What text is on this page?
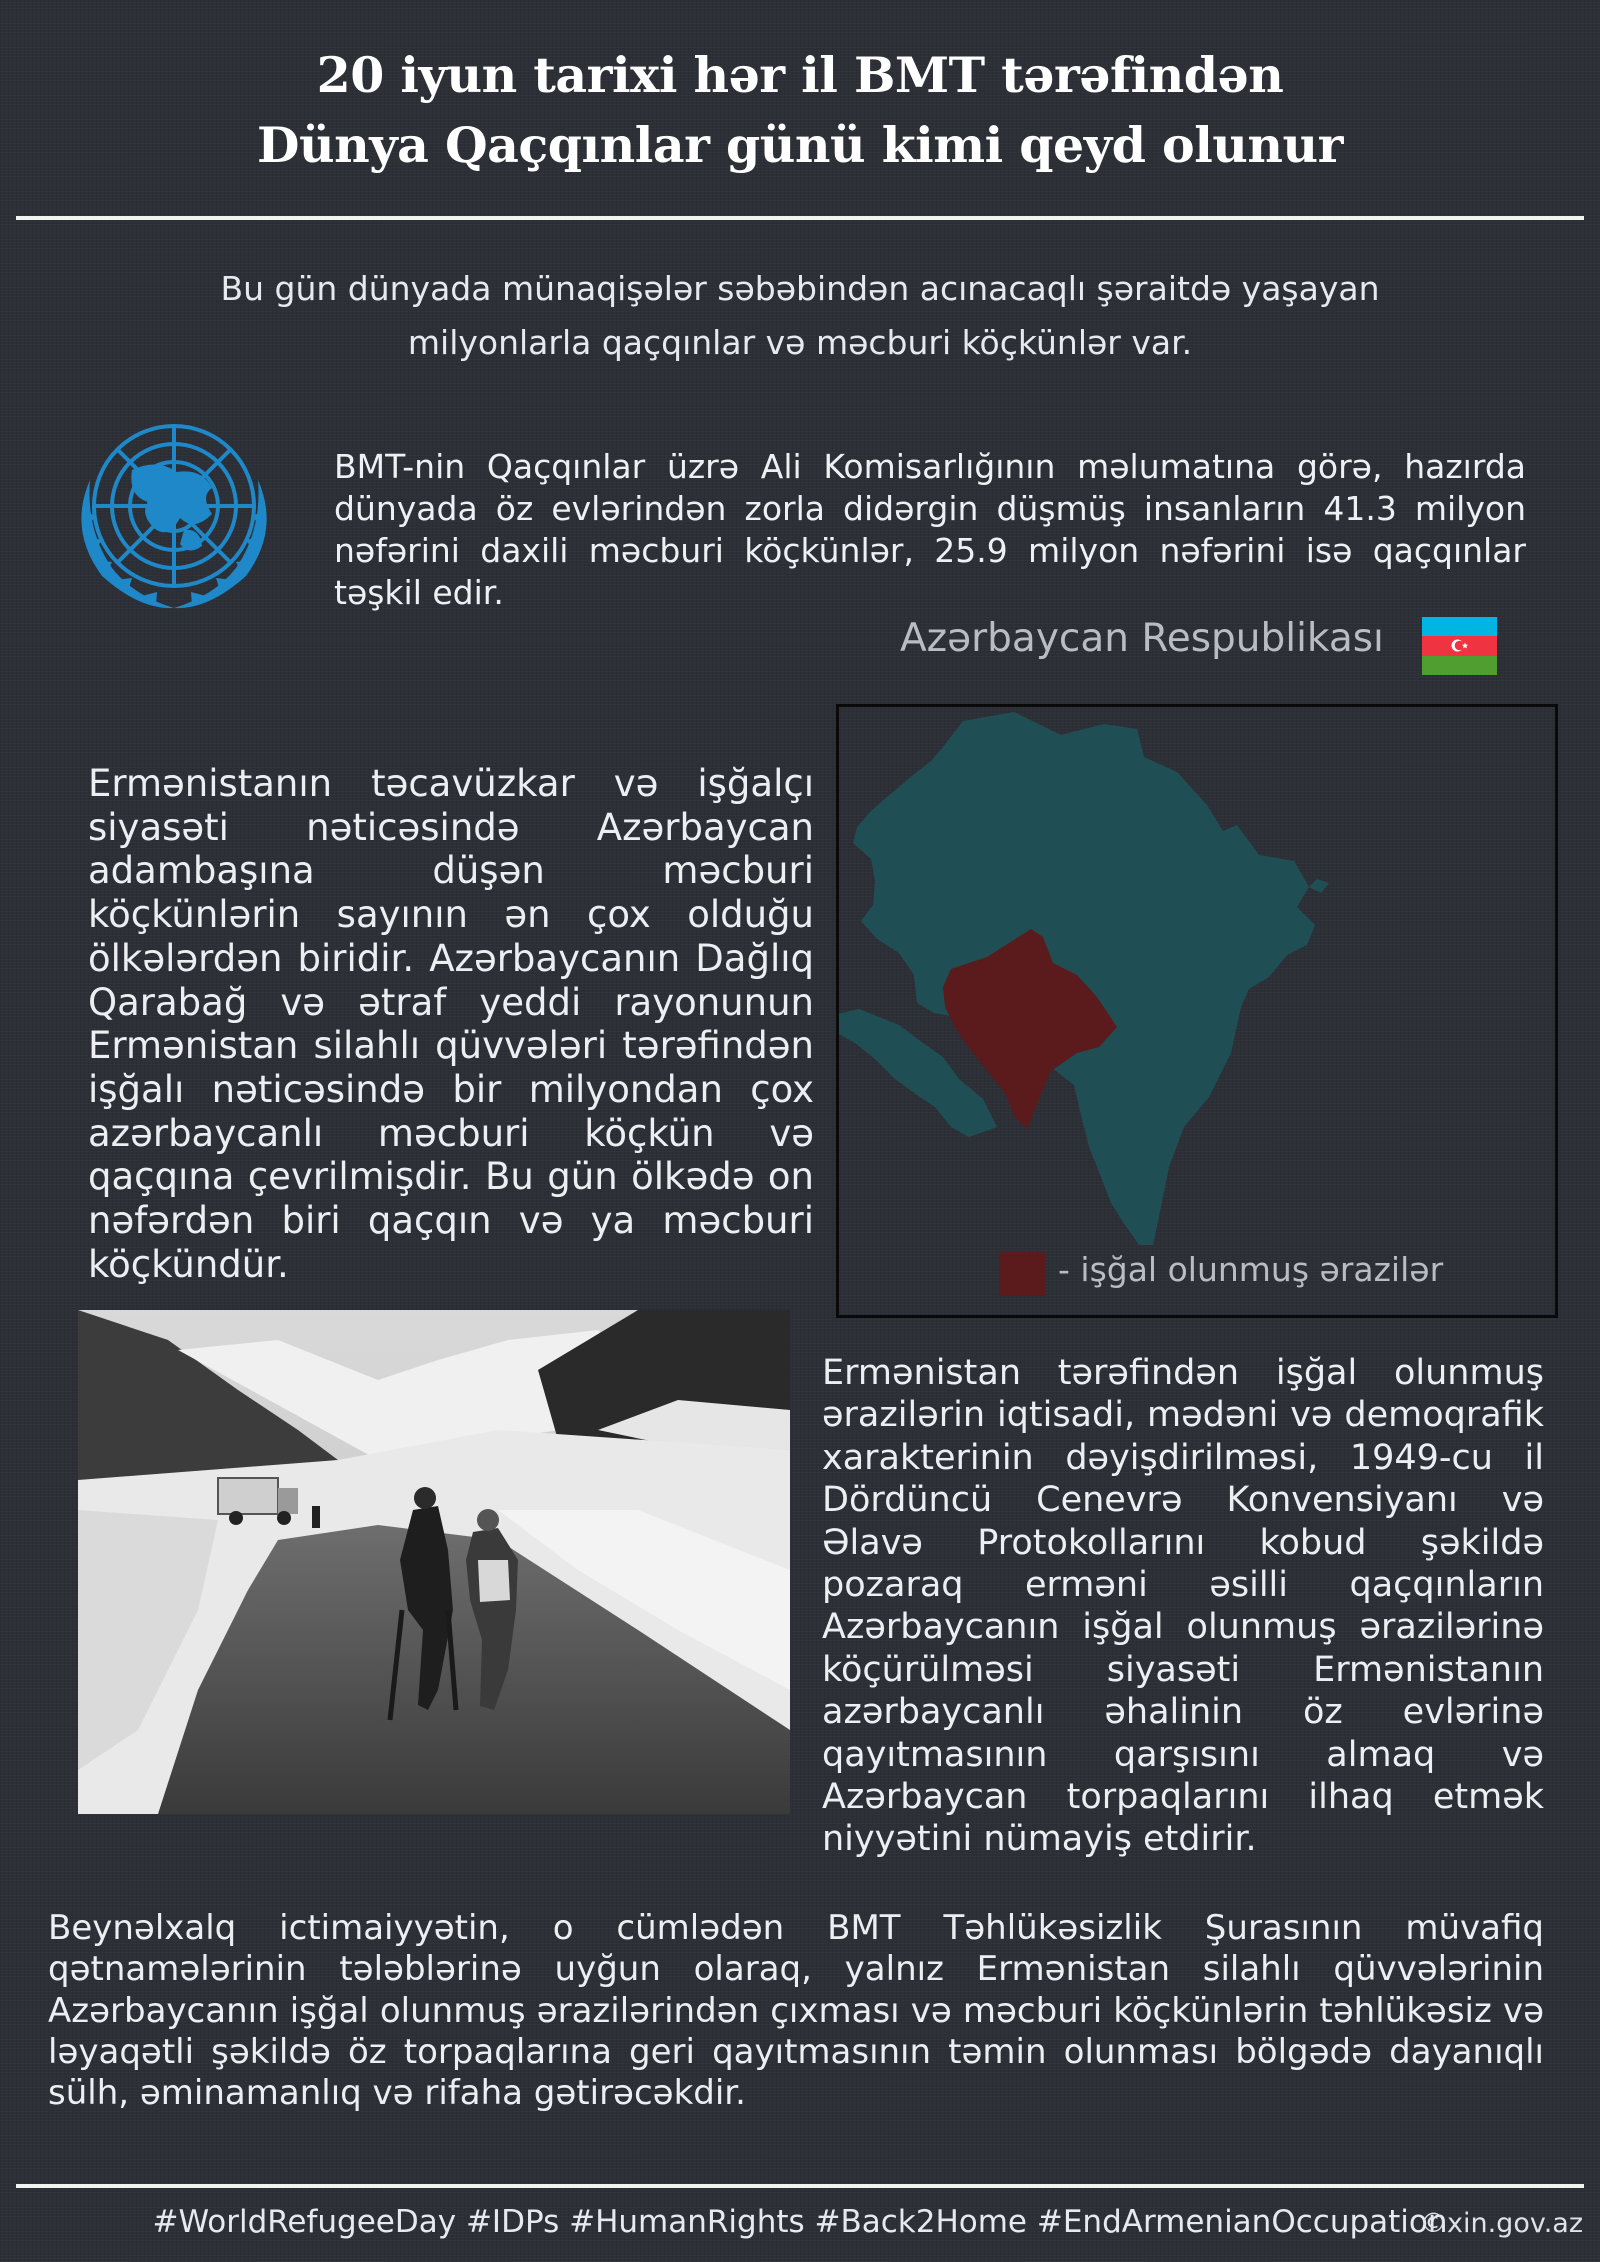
20 iyun tarixi hər il BMT tərəfindən
Dünya Qaçqınlar günü kimi qeyd olunur
Bu gün dünyada münaqişələr səbəbindən acınacaqlı şəraitdə yaşayan
milyonlarla qaçqınlar və məcburi köçkünlər var.
BMT-nin Qaçqınlar üzrə Ali Komisarlığının məlumatına görə, hazırda dünyada öz evlərindən zorla didərgin düşmüş insanların 41.3 milyon nəfərini daxili məcburi köçkünlər, 25.9 milyon nəfərini isə qaçqınlar təşkil edir.
Azərbaycan Respublikası
- işğal olunmuş ərazilər
Ermənistanın təcavüzkar və işğalçı siyasəti nəticəsində Azərbaycan adambaşına düşən məcburi köçkünlərin sayının ən çox olduğu ölkələrdən biridir. Azərbaycanın Dağlıq Qarabağ və ətraf yeddi rayonunun Ermənistan silahlı qüvvələri tərəfindən işğalı nəticəsində bir milyondan çox azərbaycanlı məcburi köçkün və qaçqına çevrilmişdir. Bu gün ölkədə on nəfərdən biri qaçqın və ya məcburi köçkündür.
Ermənistan tərəfindən işğal olunmuş ərazilərin iqtisadi, mədəni və demoqrafik xarakterinin dəyişdirilməsi, 1949-cu il Dördüncü Cenevrə Konvensiyanı və Əlavə Protokollarını kobud şəkildə pozaraq erməni əsilli qaçqınların Azərbaycanın işğal olunmuş ərazilərinə köçürülməsi siyasəti Ermənistanın azərbaycanlı əhalinin öz evlərinə qayıtmasının qarşısını almaq və Azərbaycan torpaqlarını ilhaq etmək niyyətini nümayiş etdirir.
Beynəlxalq ictimaiyyətin, o cümlədən BMT Təhlükəsizlik Şurasının müvafiq qətnamələrinin tələblərinə uyğun olaraq, yalnız Ermənistan silahlı qüvvələrinin Azərbaycanın işğal olunmuş ərazilərindən çıxması və məcburi köçkünlərin təhlükəsiz və ləyaqətli şəkildə öz torpaqlarına geri qayıtmasının təmin olunması bölgədə dayanıqlı sülh, əminamanlıq və rifaha gətirəcəkdir.
#WorldRefugeeDay #IDPs #HumanRights #Back2Home #EndArmenianOccupation
©xin.gov.az
